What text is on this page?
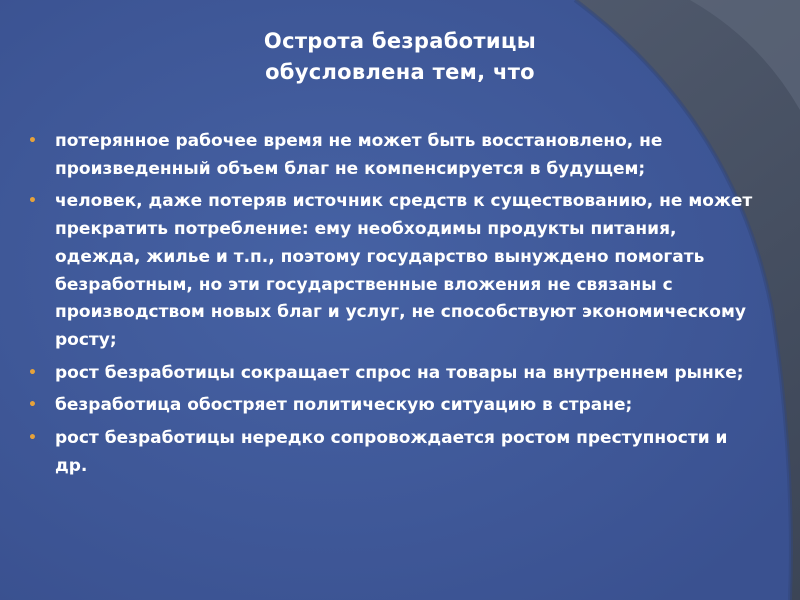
Острота безработицы
обусловлена тем, что
• потерянное рабочее время не может быть восстановлено, не произведенный объем благ не компенсируется в будущем;
• человек, даже потеряв источник средств к существованию, не может прекратить потребление: ему необходимы продукты питания, одежда, жилье и т.п., поэтому государство вынуждено помогать безработным, но эти государственные вложения не связаны с производством новых благ и услуг, не способствуют экономическому росту;
• рост безработицы сокращает спрос на товары на внутреннем рынке;
• безработица обостряет политическую ситуацию в стране;
• рост безработицы нередко сопровождается ростом преступности и др.
